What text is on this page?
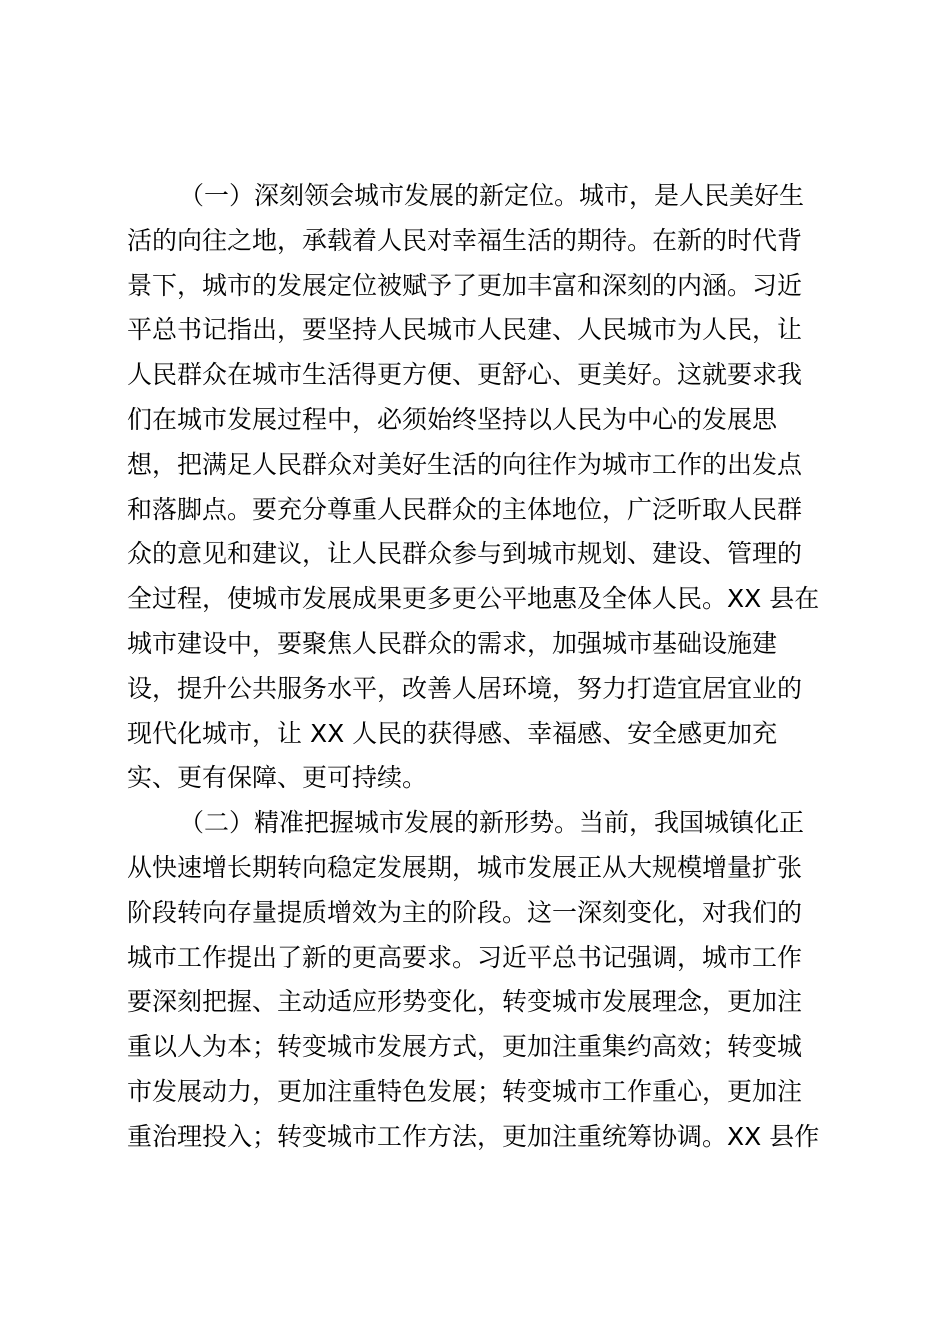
（一）深刻领会城市发展的新定位。城市，是人民美好生
活的向往之地，承载着人民对幸福生活的期待。在新的时代背
景下，城市的发展定位被赋予了更加丰富和深刻的内涵。习近
平总书记指出，要坚持人民城市人民建、人民城市为人民，让
人民群众在城市生活得更方便、更舒心、更美好。这就要求我
们在城市发展过程中，必须始终坚持以人民为中心的发展思
想，把满足人民群众对美好生活的向往作为城市工作的出发点
和落脚点。要充分尊重人民群众的主体地位，广泛听取人民群
众的意见和建议，让人民群众参与到城市规划、建设、管理的
全过程，使城市发展成果更多更公平地惠及全体人民。XX 县在
城市建设中，要聚焦人民群众的需求，加强城市基础设施建
设，提升公共服务水平，改善人居环境，努力打造宜居宜业的
现代化城市，让 XX 人民的获得感、幸福感、安全感更加充
实、更有保障、更可持续。
（二）精准把握城市发展的新形势。当前，我国城镇化正
从快速增长期转向稳定发展期，城市发展正从大规模增量扩张
阶段转向存量提质增效为主的阶段。这一深刻变化，对我们的
城市工作提出了新的更高要求。习近平总书记强调，城市工作
要深刻把握、主动适应形势变化，转变城市发展理念，更加注
重以人为本；转变城市发展方式，更加注重集约高效；转变城
市发展动力，更加注重特色发展；转变城市工作重心，更加注
重治理投入；转变城市工作方法，更加注重统筹协调。XX 县作
